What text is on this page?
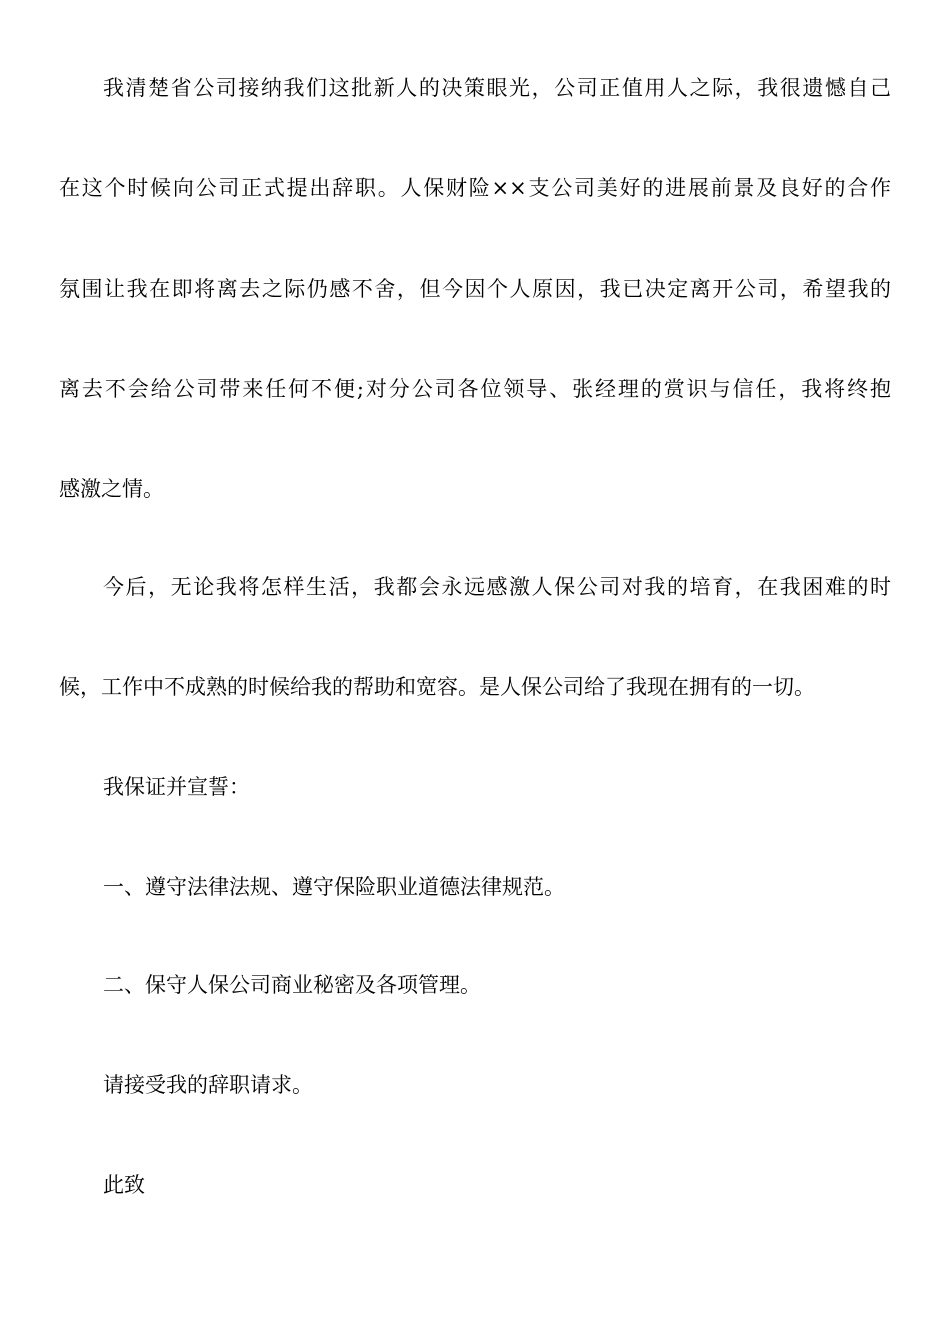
我清楚省公司接纳我们这批新人的决策眼光，公司正值用人之际，我很遗憾自己
在这个时候向公司正式提出辞职。人保财险××支公司美好的进展前景及良好的合作
氛围让我在即将离去之际仍感不舍，但今因个人原因，我已决定离开公司，希望我的
离去不会给公司带来任何不便;对分公司各位领导、张经理的赏识与信任，我将终抱
感激之情。
今后，无论我将怎样生活，我都会永远感激人保公司对我的培育，在我困难的时
候，工作中不成熟的时候给我的帮助和宽容。是人保公司给了我现在拥有的一切。
我保证并宣誓：
一、遵守法律法规、遵守保险职业道德法律规范。
二、保守人保公司商业秘密及各项管理。
请接受我的辞职请求。
此致
